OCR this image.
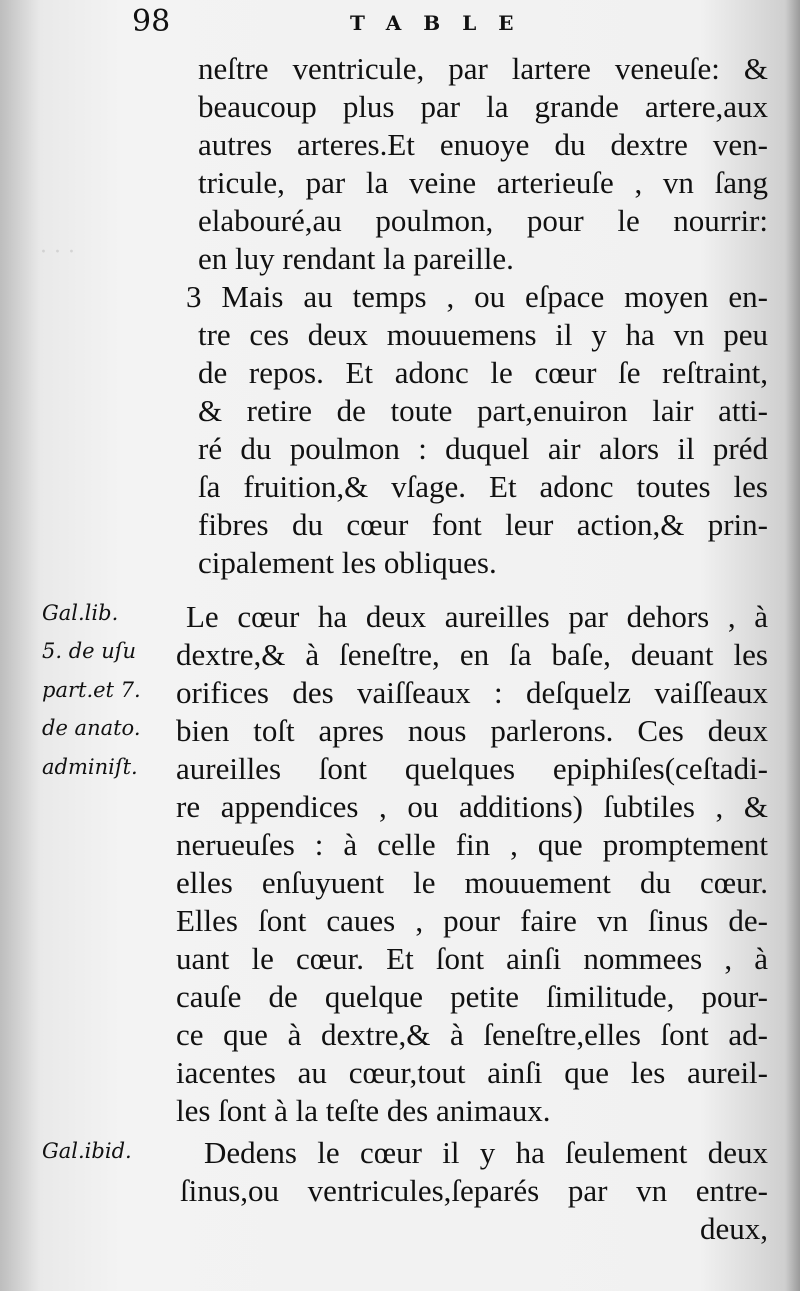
· · ·
98	TABLE
Gal.lib.
5. de uſu
part.et 7.
de anato.
adminiſt.
Gal.ibid.
neſtre ventricule, par lartere veneuſe: &
beaucoup plus par la grande artere,aux
autres arteres.Et enuoye du dextre ven-
tricule, par la veine arterieuſe , vn ſang
elabouré,au poulmon, pour le nourrir:
en luy rendant la pareille.
3 Mais au temps , ou eſpace moyen en-
tre ces deux mouuemens il y ha vn peu
de repos. Et adonc le cœur ſe reſtraint,
& retire de toute part,enuiron lair atti-
ré du poulmon : duquel air alors il préd
ſa fruition,& vſage. Et adonc toutes les
fibres du cœur font leur action,& prin-
cipalement les obliques.
Le cœur ha deux aureilles par dehors , à
dextre,& à ſeneſtre, en ſa baſe, deuant les
orifices des vaiſſeaux : deſquelz vaiſſeaux
bien toſt apres nous parlerons. Ces deux
aureilles ſont quelques epiphiſes(ceſtadi-
re appendices , ou additions) ſubtiles , &
nerueuſes : à celle fin , que promptement
elles enſuyuent le mouuement du cœur.
Elles ſont caues , pour faire vn ſinus de-
uant le cœur. Et ſont ainſi nommees , à
cauſe de quelque petite ſimilitude, pour-
ce que à dextre,& à ſeneſtre,elles ſont ad-
iacentes au cœur,tout ainſi que les aureil-
les ſont à la teſte des animaux.
Dedens le cœur il y ha ſeulement deux
ſinus,ou ventricules,ſeparés par vn entre-
deux,
